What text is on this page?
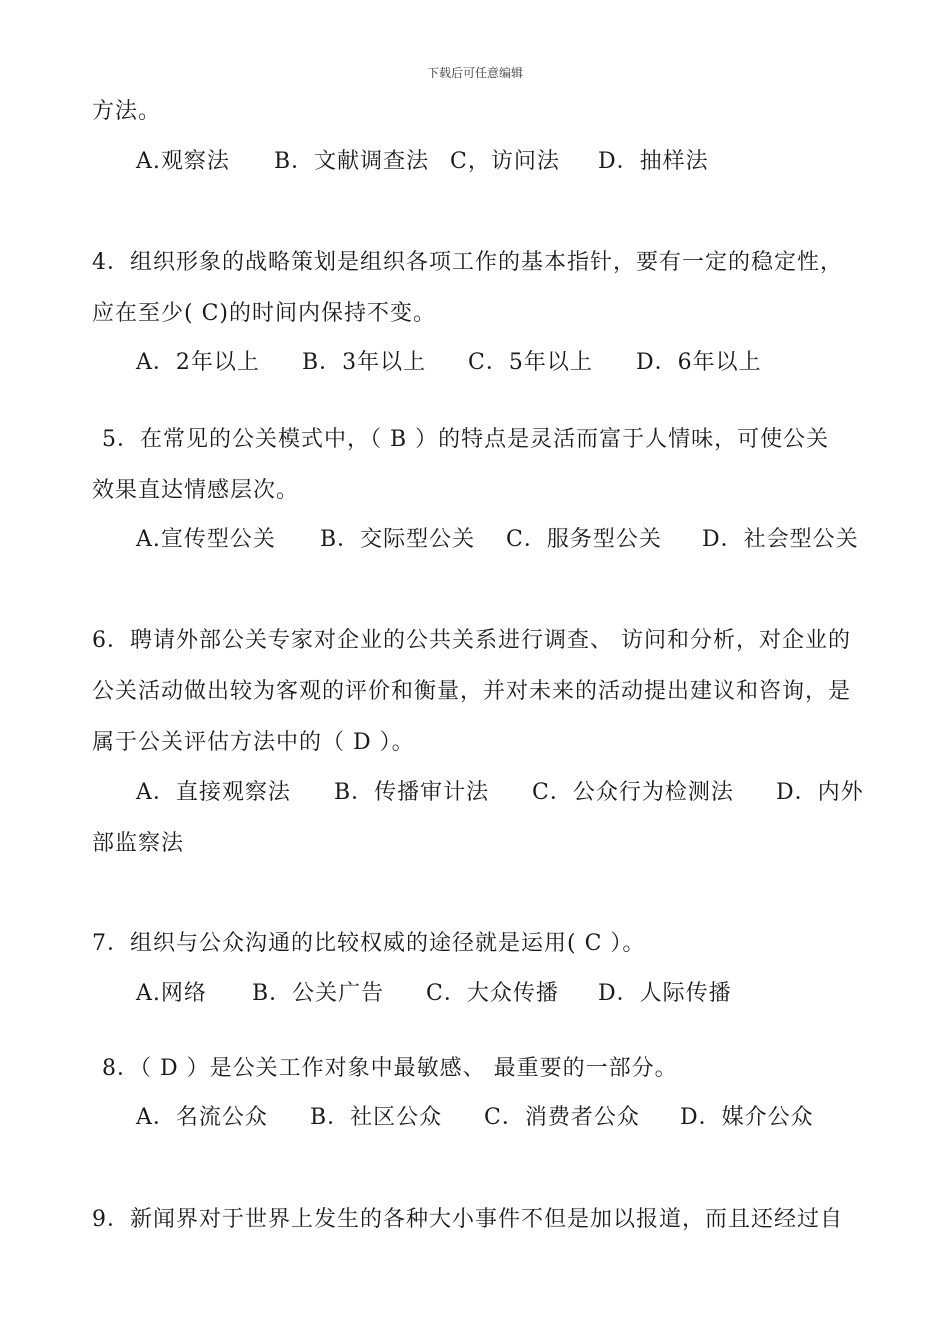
下载后可任意编辑
方法。
A.观察法 B．文献调查法 C，访问法 D．抽样法
4．组织形象的战略策划是组织各项工作的基本指针，要有一定的稳定性，
应在至少( C)的时间内保持不变。
A．2年以上 B．3年以上 C．5年以上 D．6年以上
5．在常见的公关模式中，（ B ）的特点是灵活而富于人情味，可使公关
效果直达情感层次。
A.宣传型公关 B．交际型公关 C．服务型公关 D．社会型公关
6．聘请外部公关专家对企业的公共关系进行调查、 访问和分析，对企业的
公关活动做出较为客观的评价和衡量，并对未来的活动提出建议和咨询，是
属于公关评估方法中的（ D ）。
A．直接观察法 B．传播审计法 C．公众行为检测法 D．内外
部监察法
7．组织与公众沟通的比较权威的途径就是运用( C ）。
A.网络 B．公关广告 C．大众传播 D．人际传播
8．（ D ）是公关工作对象中最敏感、 最重要的一部分。
A．名流公众 B．社区公众 C．消费者公众 D．媒介公众
9．新闻界对于世界上发生的各种大小事件不但是加以报道，而且还经过自
